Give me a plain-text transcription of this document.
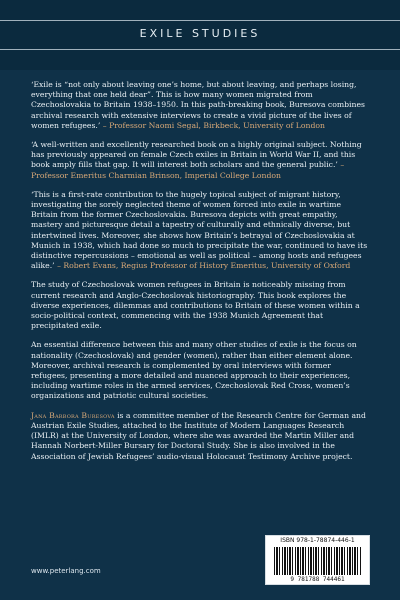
EXILE STUDIES

‘Exile is “not only about leaving one’s home, but about leaving, and perhaps losing, everything that one held dear”. This is how many women migrated from Czechoslovakia to Britain 1938–1950. In this path-breaking book, Buresova combines archival research with extensive interviews to create a vivid picture of the lives of women refugees.’ – Professor Naomi Segal, Birkbeck, University of London

‘A well-written and excellently researched book on a highly original subject. Nothing has previously appeared on female Czech exiles in Britain in World War II, and this book amply fills that gap. It will interest both scholars and the general public.’ – Professor Emeritus Charmian Brinson, Imperial College London

‘This is a first-rate contribution to the hugely topical subject of migrant history, investigating the sorely neglected theme of women forced into exile in wartime Britain from the former Czechoslovakia. Buresova depicts with great empathy, mastery and picturesque detail a tapestry of culturally and ethnically diverse, but intertwined lives. Moreover, she shows how Britain’s betrayal of Czechoslovakia at Munich in 1938, which had done so much to precipitate the war, continued to have its distinctive repercussions – emotional as well as political – among hosts and refugees alike.’ – Robert Evans, Regius Professor of History Emeritus, University of Oxford

The study of Czechoslovak women refugees in Britain is noticeably missing from current research and Anglo-Czechoslovak historiography. This book explores the diverse experiences, dilemmas and contributions to Britain of these women within a socio-political context, commencing with the 1938 Munich Agreement that precipitated exile.

An essential difference between this and many other studies of exile is the focus on nationality (Czechoslovak) and gender (women), rather than either element alone. Moreover, archival research is complemented by oral interviews with former refugees, presenting a more detailed and nuanced approach to their experiences, including wartime roles in the armed services, Czechoslovak Red Cross, women’s organizations and patriotic cultural societies.

Jana Barbora Buresova is a committee member of the Research Centre for German and Austrian Exile Studies, attached to the Institute of Modern Languages Research (IMLR) at the University of London, where she was awarded the Martin Miller and Hannah Norbert-Miller Bursary for Doctoral Study. She is also involved in the Association of Jewish Refugees’ audio-visual Holocaust Testimony Archive project.

ISBN 978-1-78874-446-1
9 781788 744461
www.peterlang.com
